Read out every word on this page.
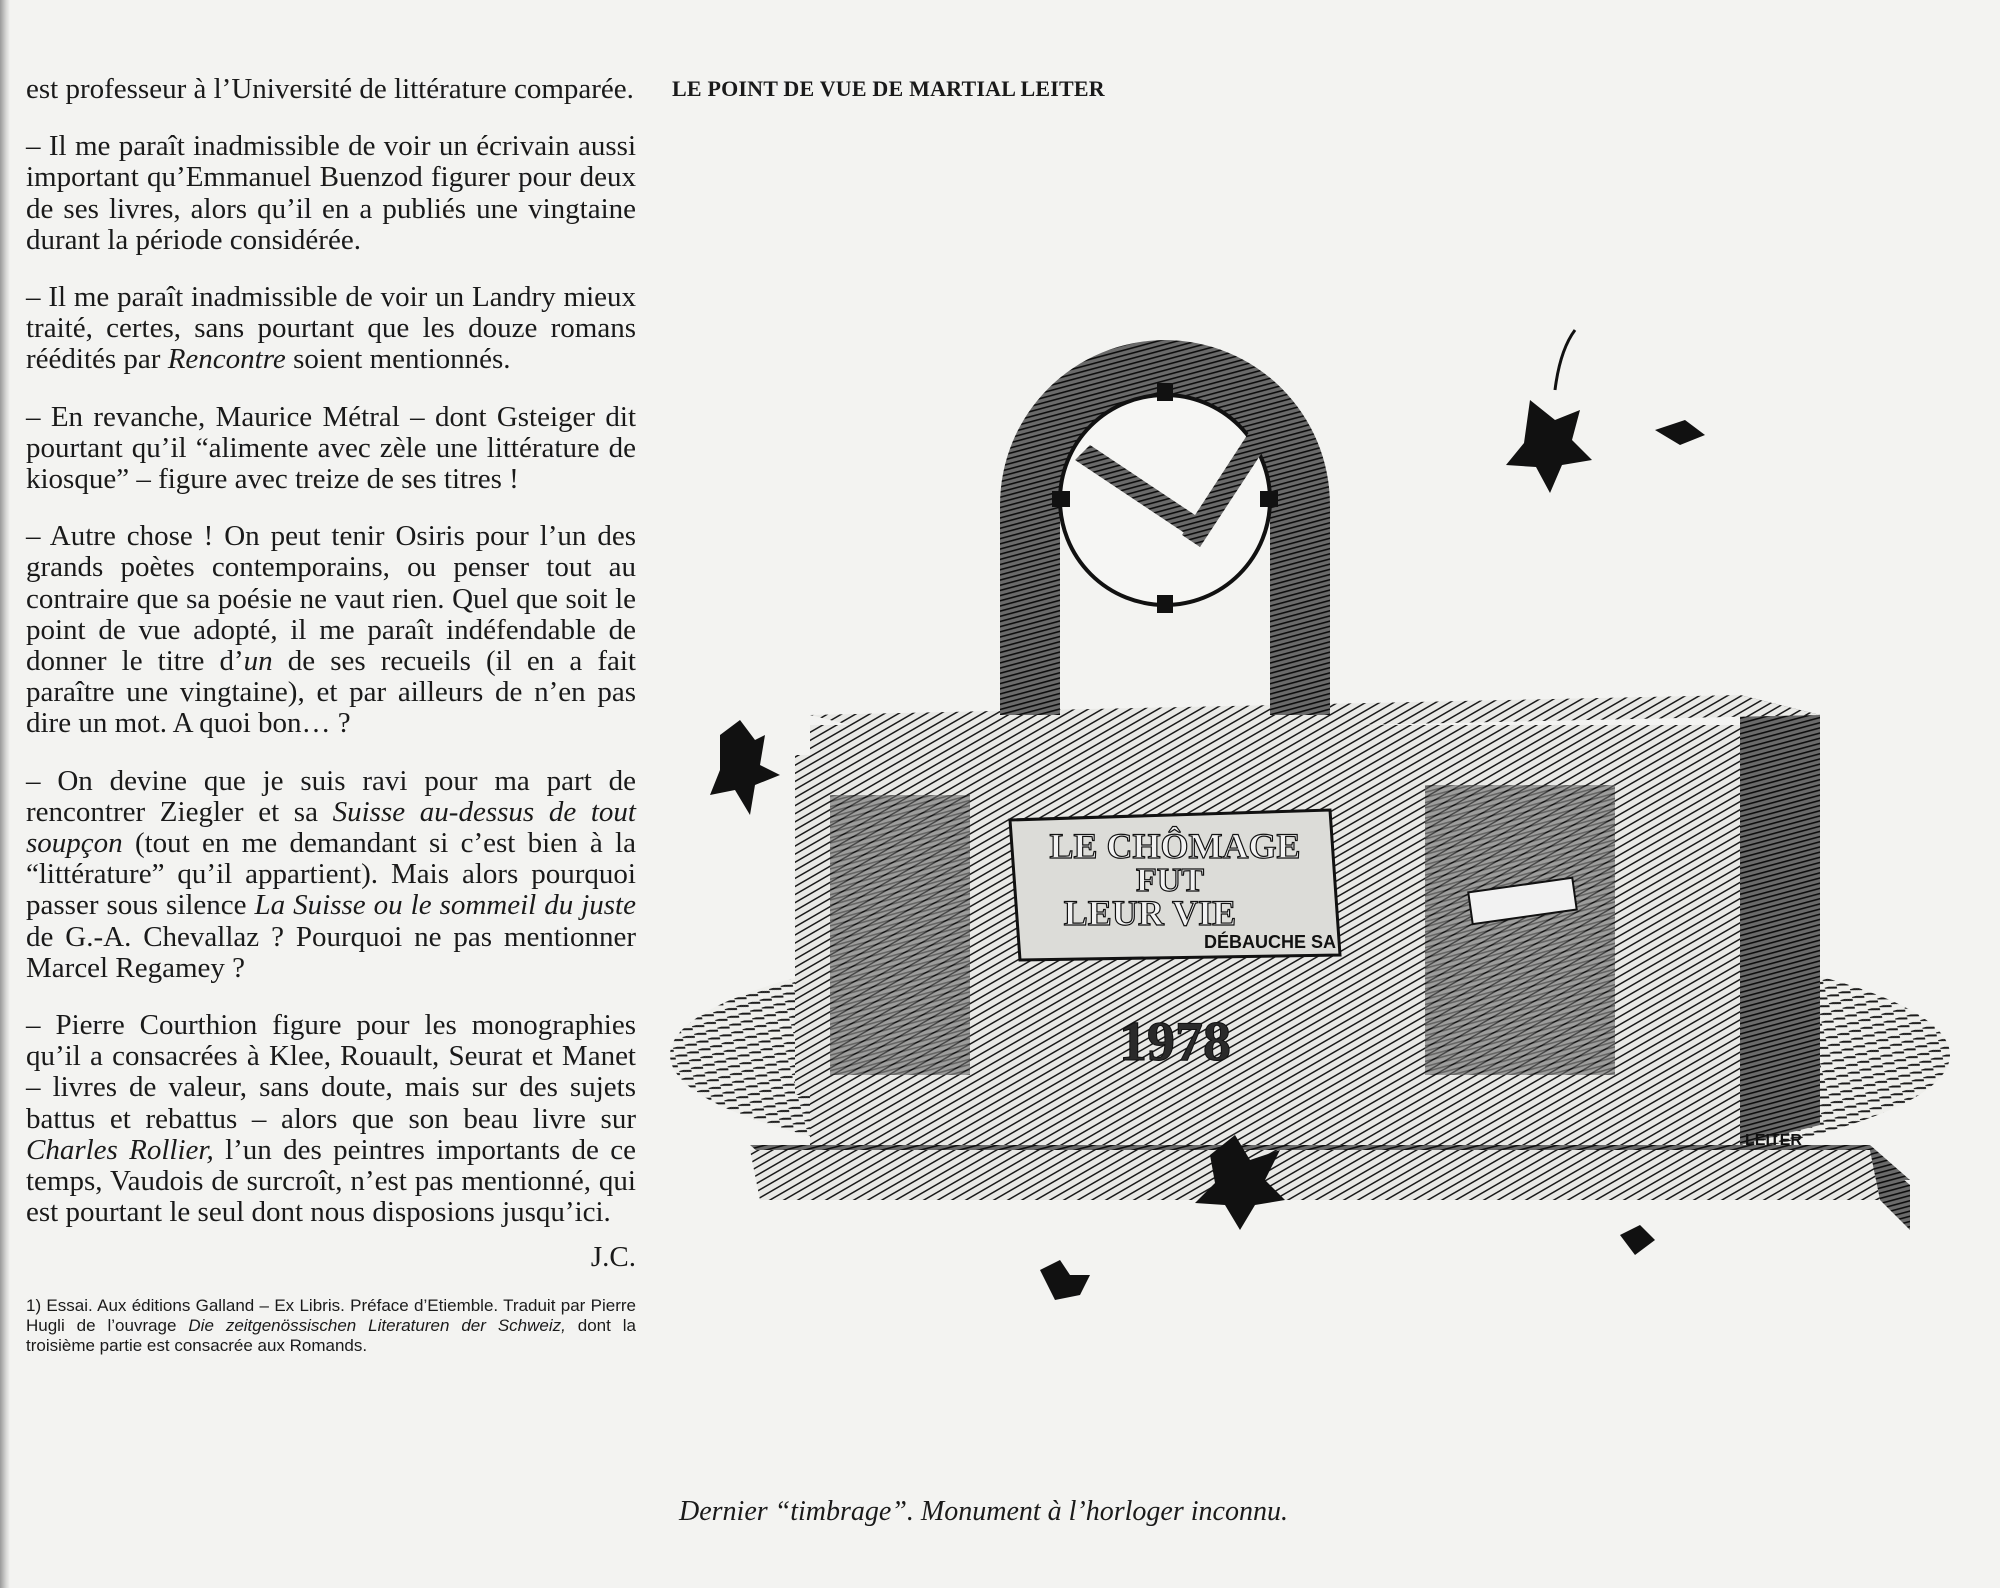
est professeur à l’Université de littérature comparée.

– Il me paraît inadmissible de voir un écrivain aussi important qu’Emmanuel Buenzod figurer pour deux de ses livres, alors qu’il en a publiés une vingtaine durant la période considérée.

– Il me paraît inadmissible de voir un Landry mieux traité, certes, sans pourtant que les douze romans réédités par Rencontre soient mentionnés.

– En revanche, Maurice Métral – dont Gsteiger dit pourtant qu’il “alimente avec zèle une littérature de kiosque” – figure avec treize de ses titres !

– Autre chose ! On peut tenir Osiris pour l’un des grands poètes contemporains, ou penser tout au contraire que sa poésie ne vaut rien. Quel que soit le point de vue adopté, il me paraît indéfendable de donner le titre d’un de ses recueils (il en a fait paraître une vingtaine), et par ailleurs de n’en pas dire un mot. A quoi bon… ?

– On devine que je suis ravi pour ma part de rencontrer Ziegler et sa Suisse au-dessus de tout soupçon (tout en me demandant si c’est bien à la “littérature” qu’il appartient). Mais alors pourquoi passer sous silence La Suisse ou le sommeil du juste de G.-A. Chevallaz ? Pourquoi ne pas mentionner Marcel Regamey ?

– Pierre Courthion figure pour les monographies qu’il a consacrées à Klee, Rouault, Seurat et Manet – livres de valeur, sans doute, mais sur des sujets battus et rebattus – alors que son beau livre sur Charles Rollier, l’un des peintres importants de ce temps, Vaudois de surcroît, n’est pas mentionné, qui est pourtant le seul dont nous disposions jusqu’ici.

J.C.

1) Essai. Aux éditions Galland – Ex Libris. Préface d’Etiemble. Traduit par Pierre Hugli de l’ouvrage Die zeitgenössischen Literaturen der Schweiz, dont la troisième partie est consacrée aux Romands.

LE POINT DE VUE DE MARTIAL LEITER
LE CHÔMAGE
FUT
LEUR VIE
DÉBAUCHE SA
1978
LEITER
Dernier “timbrage”. Monument à l’horloger inconnu.
